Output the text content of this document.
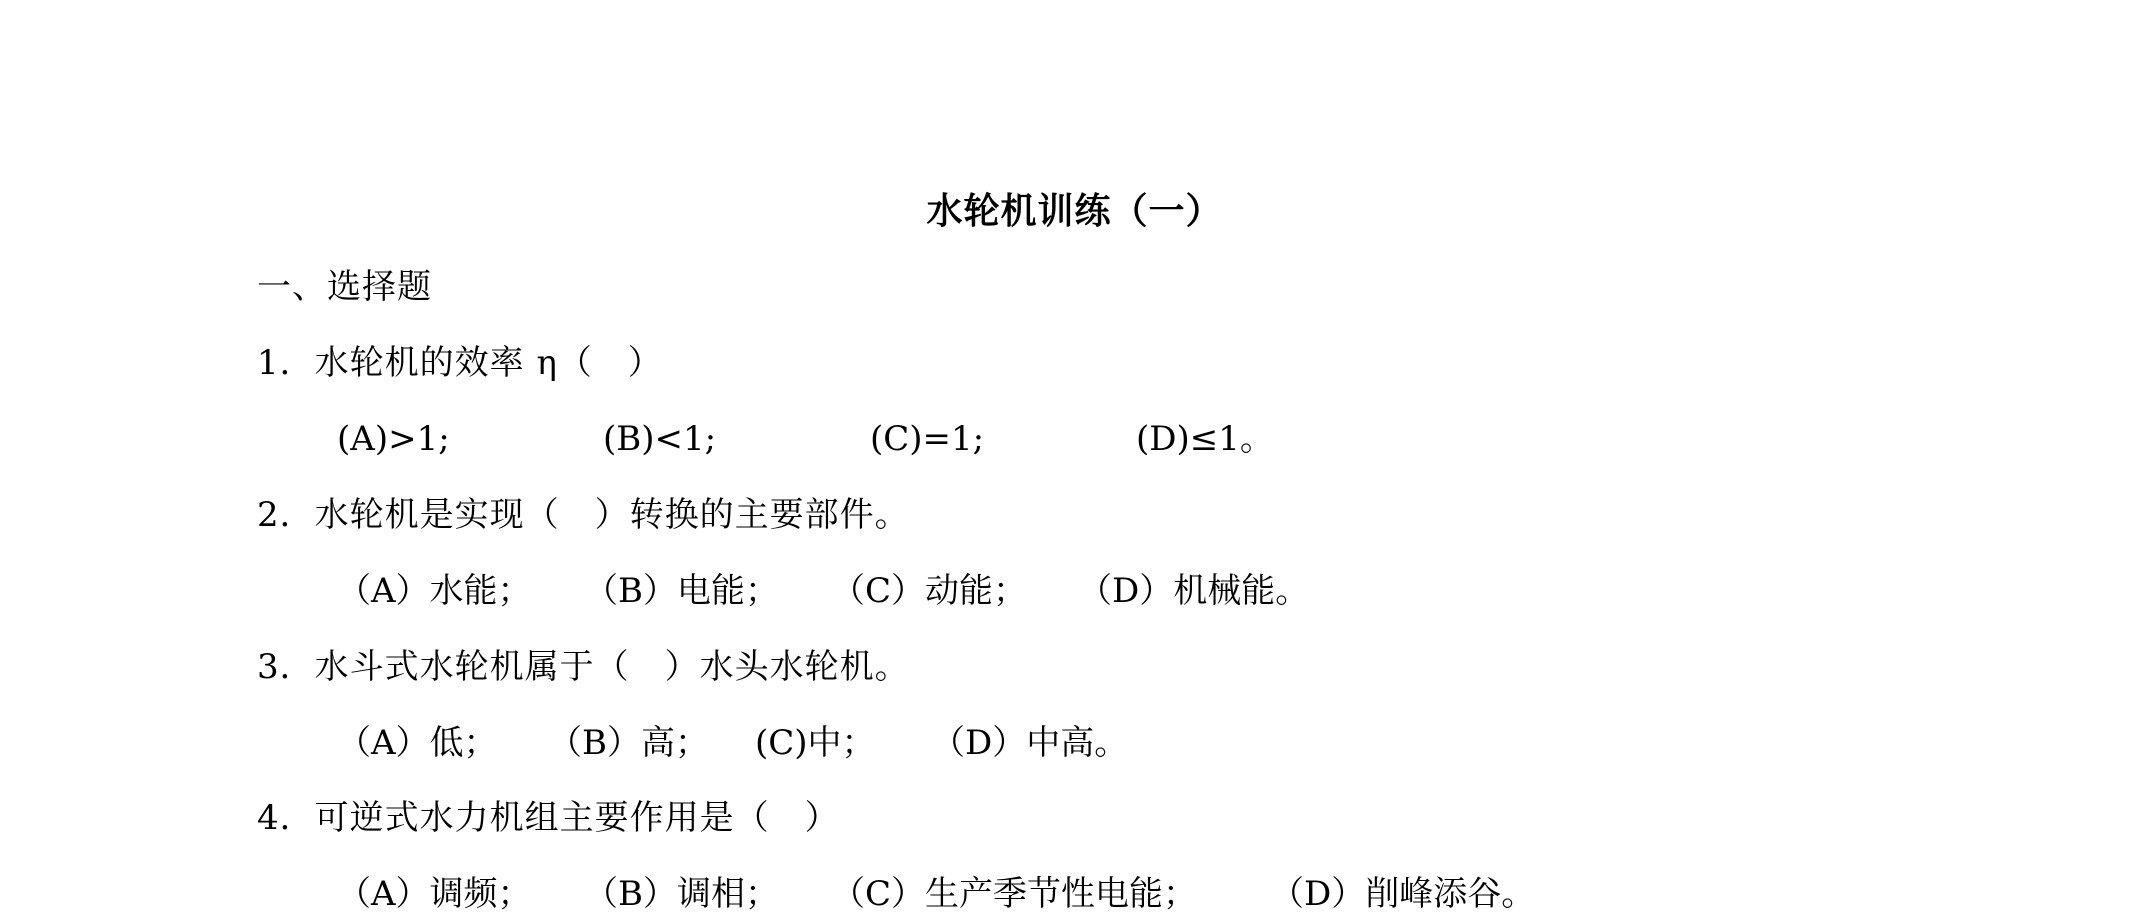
水轮机训练（一）
一、选择题
1．水轮机的效率 η（　）
(A)>1;	(B)<1;	(C)=1;	(D)≤1。
2．水轮机是实现（　）转换的主要部件。
（A）水能； （B）电能； （C）动能； （D）机械能。
3．水斗式水轮机属于（　）水头水轮机。
（A）低； （B）高； (C)中； （D）中高。
4．可逆式水力机组主要作用是（　）
（A）调频； （B）调相； （C）生产季节性电能； （D）削峰添谷。
